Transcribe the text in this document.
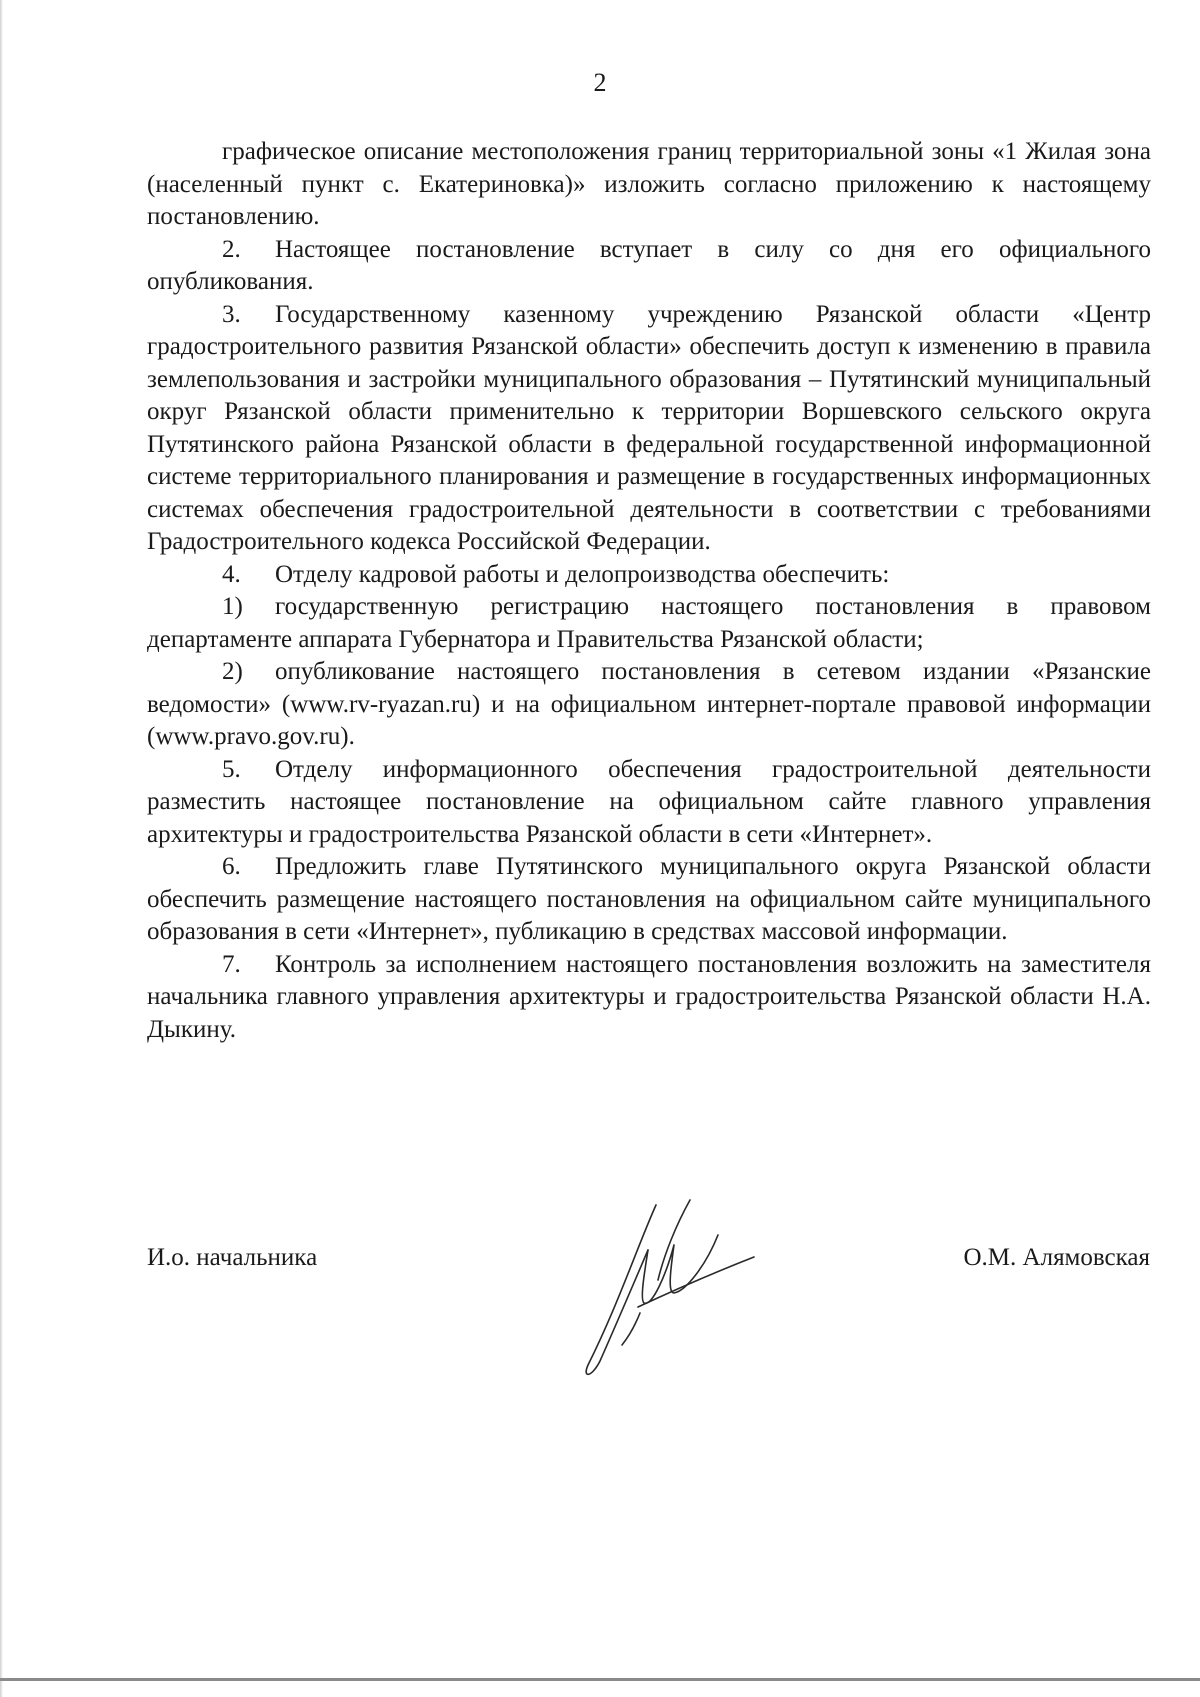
2

графическое описание местоположения границ территориальной зоны «1 Жилая зона (населенный пункт с. Екатериновка)» изложить согласно приложению к настоящему постановлению.

2. Настоящее постановление вступает в силу со дня его официального опубликования.

3. Государственному казенному учреждению Рязанской области «Центр градостроительного развития Рязанской области» обеспечить доступ к изменению в правила землепользования и застройки муниципального образования – Путятинский муниципальный округ Рязанской области применительно к территории Воршевского сельского округа Путятинского района Рязанской области в федеральной государственной информационной системе территориального планирования и размещение в государственных информационных системах обеспечения градостроительной деятельности в соответствии с требованиями Градостроительного кодекса Российской Федерации.

4. Отделу кадровой работы и делопроизводства обеспечить:

1) государственную регистрацию настоящего постановления в правовом департаменте аппарата Губернатора и Правительства Рязанской области;

2) опубликование настоящего постановления в сетевом издании «Рязанские ведомости» (www.rv-ryazan.ru) и на официальном интернет-портале правовой информации (www.pravo.gov.ru).

5. Отделу информационного обеспечения градостроительной деятельности разместить настоящее постановление на официальном сайте главного управления архитектуры и градостроительства Рязанской области в сети «Интернет».

6. Предложить главе Путятинского муниципального округа Рязанской области обеспечить размещение настоящего постановления на официальном сайте муниципального образования в сети «Интернет», публикацию в средствах массовой информации.

7. Контроль за исполнением настоящего постановления возложить на заместителя начальника главного управления архитектуры и градостроительства Рязанской области Н.А. Дыкину.

И.о. начальника	О.М. Алямовская
